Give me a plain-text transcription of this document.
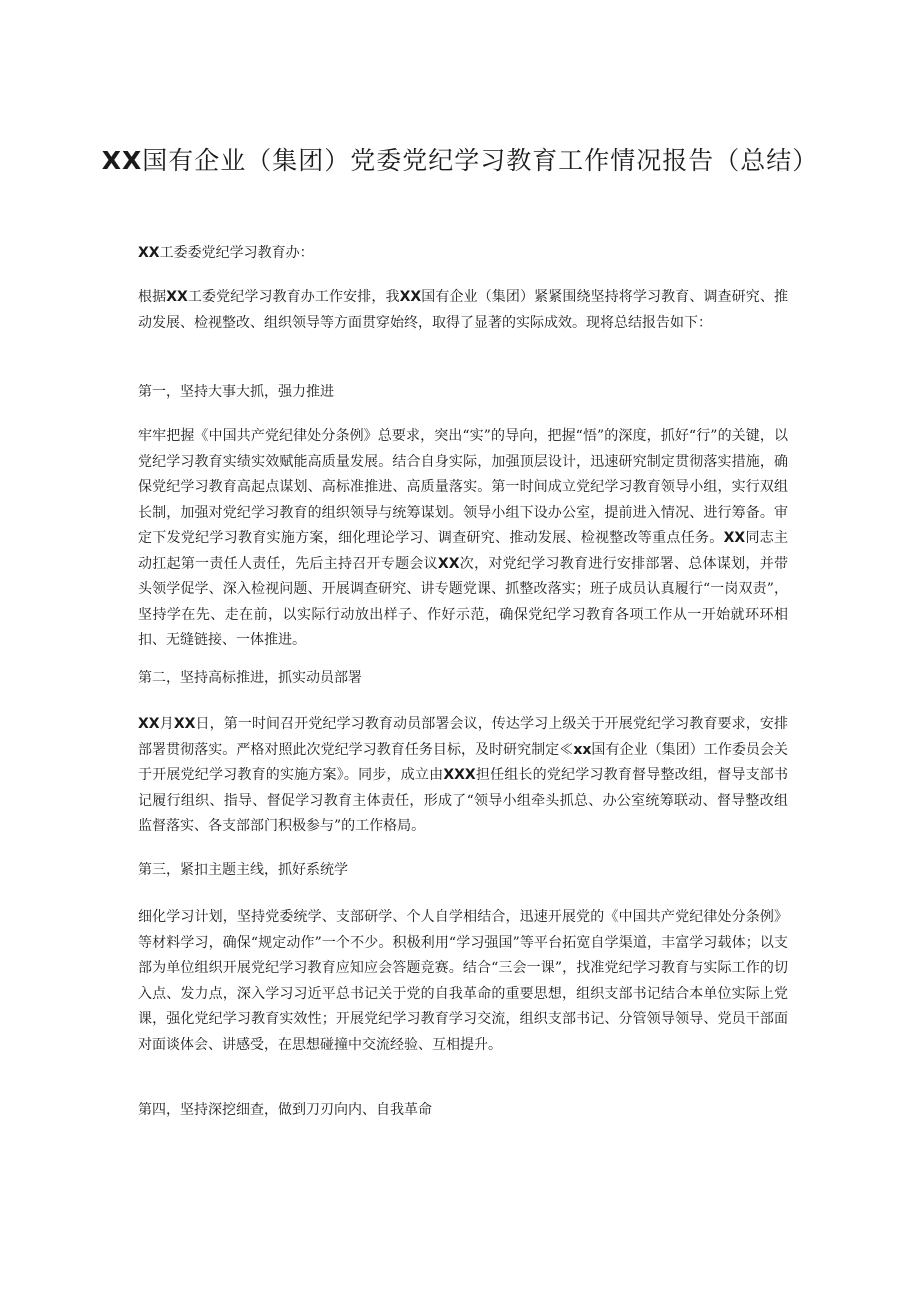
XX国有企业（集团）党委党纪学习教育工作情况报告（总结）

XX工委委党纪学习教育办：

根据XX工委党纪学习教育办工作安排，我XX国有企业（集团）紧紧围绕坚持将学习教育、调查研究、推动发展、检视整改、组织领导等方面贯穿始终，取得了显著的实际成效。现将总结报告如下：

第一，坚持大事大抓，强力推进

牢牢把握《中国共产党纪律处分条例》总要求，突出“实”的导向，把握“悟”的深度，抓好“行”的关键，以党纪学习教育实绩实效赋能高质量发展。结合自身实际，加强顶层设计，迅速研究制定贯彻落实措施，确保党纪学习教育高起点谋划、高标准推进、高质量落实。第一时间成立党纪学习教育领导小组，实行双组长制，加强对党纪学习教育的组织领导与统筹谋划。领导小组下设办公室，提前进入情况、进行筹备。审定下发党纪学习教育实施方案，细化理论学习、调查研究、推动发展、检视整改等重点任务。XX同志主动扛起第一责任人责任，先后主持召开专题会议XX次，对党纪学习教育进行安排部署、总体谋划，并带头领学促学、深入检视问题、开展调查研究、讲专题党课、抓整改落实；班子成员认真履行“一岗双责”，坚持学在先、走在前，以实际行动放出样子、作好示范，确保党纪学习教育各项工作从一开始就环环相扣、无缝链接、一体推进。

第二，坚持高标推进，抓实动员部署

XX月XX日，第一时间召开党纪学习教育动员部署会议，传达学习上级关于开展党纪学习教育要求，安排部署贯彻落实。严格对照此次党纪学习教育任务目标，及时研究制定≪xx国有企业（集团）工作委员会关于开展党纪学习教育的实施方案》。同步，成立由XXX担任组长的党纪学习教育督导整改组，督导支部书记履行组织、指导、督促学习教育主体责任，形成了“领导小组牵头抓总、办公室统筹联动、督导整改组监督落实、各支部部门积极参与”的工作格局。

第三，紧扣主题主线，抓好系统学

细化学习计划，坚持党委统学、支部研学、个人自学相结合，迅速开展党的《中国共产党纪律处分条例》等材料学习，确保“规定动作”一个不少。积极利用“学习强国”等平台拓宽自学渠道，丰富学习载体；以支部为单位组织开展党纪学习教育应知应会答题竞赛。结合“三会一课”，找准党纪学习教育与实际工作的切入点、发力点，深入学习习近平总书记关于党的自我革命的重要思想，组织支部书记结合本单位实际上党课，强化党纪学习教育实效性；开展党纪学习教育学习交流，组织支部书记、分管领导领导、党员干部面对面谈体会、讲感受，在思想碰撞中交流经验、互相提升。

第四，坚持深挖细查，做到刀刃向内、自我革命
